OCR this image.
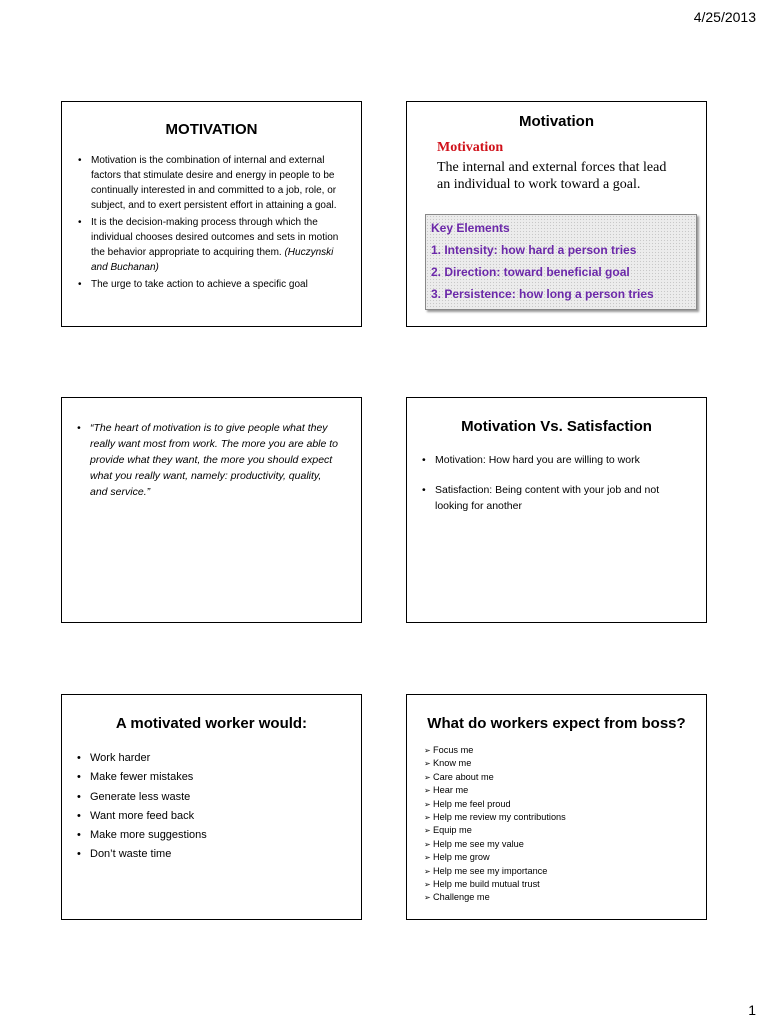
4/25/2013
MOTIVATION
• Motivation is the combination of internal and external factors that stimulate desire and energy in people to be continually interested in and committed to a job, role, or subject, and to exert persistent effort in attaining a goal.
• It is the decision-making process through which the individual chooses desired outcomes and sets in motion the behavior appropriate to acquiring them. (Huczynski and Buchanan)
• The urge to take action to achieve a specific goal
Motivation
Motivation
The internal and external forces that lead an individual to work toward a goal.
Key Elements
1. Intensity: how hard a person tries
2. Direction: toward beneficial goal
3. Persistence: how long a person tries
• “The heart of motivation is to give people what they really want most from work. The more you are able to provide what they want, the more you should expect what you really want, namely: productivity, quality, and service.”
Motivation Vs. Satisfaction
• Motivation: How hard you are willing to work
• Satisfaction: Being content with your job and not looking for another
A motivated worker would:
• Work harder
• Make fewer mistakes
• Generate less waste
• Want more feed back
• Make more suggestions
• Don’t waste time
What do workers expect from boss?
➢ Focus me
➢ Know me
➢ Care about me
➢ Hear me
➢ Help me feel proud
➢ Help me review my contributions
➢ Equip me
➢ Help me see my value
➢ Help me grow
➢ Help me see my importance
➢ Help me build mutual trust
➢ Challenge me
1
